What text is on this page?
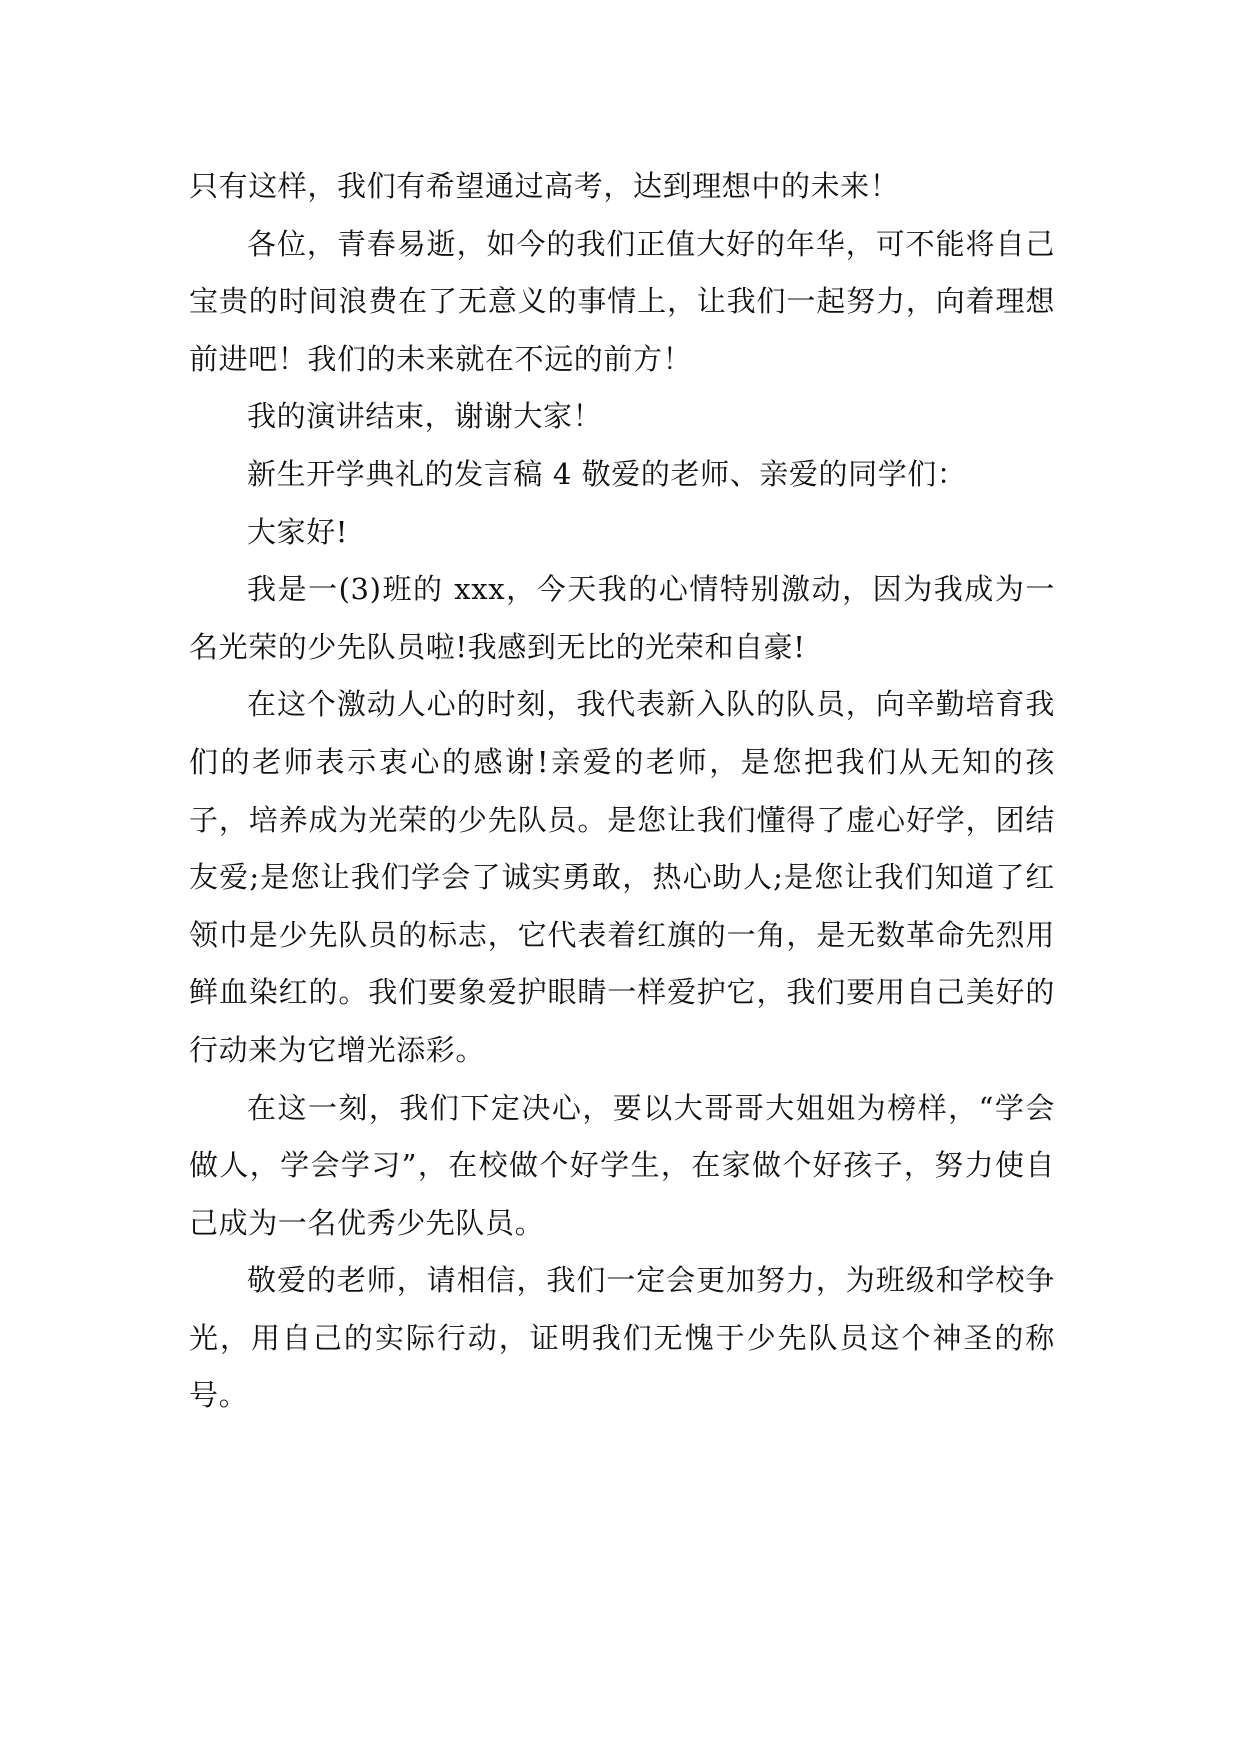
只有这样，我们有希望通过高考，达到理想中的未来！

各位，青春易逝，如今的我们正值大好的年华，可不能将自己宝贵的时间浪费在了无意义的事情上，让我们一起努力，向着理想前进吧！我们的未来就在不远的前方！

我的演讲结束，谢谢大家！

新生开学典礼的发言稿 4 敬爱的老师、亲爱的同学们：

大家好!

我是一(3)班的 xxx，今天我的心情特别激动，因为我成为一名光荣的少先队员啦!我感到无比的光荣和自豪!

在这个激动人心的时刻，我代表新入队的队员，向辛勤培育我们的老师表示衷心的感谢!亲爱的老师，是您把我们从无知的孩子，培养成为光荣的少先队员。是您让我们懂得了虚心好学，团结友爱;是您让我们学会了诚实勇敢，热心助人;是您让我们知道了红领巾是少先队员的标志，它代表着红旗的一角，是无数革命先烈用鲜血染红的。我们要象爱护眼睛一样爱护它，我们要用自己美好的行动来为它增光添彩。

在这一刻，我们下定决心，要以大哥哥大姐姐为榜样，“学会做人，学会学习”，在校做个好学生，在家做个好孩子，努力使自己成为一名优秀少先队员。

敬爱的老师，请相信，我们一定会更加努力，为班级和学校争光，用自己的实际行动，证明我们无愧于少先队员这个神圣的称号。
